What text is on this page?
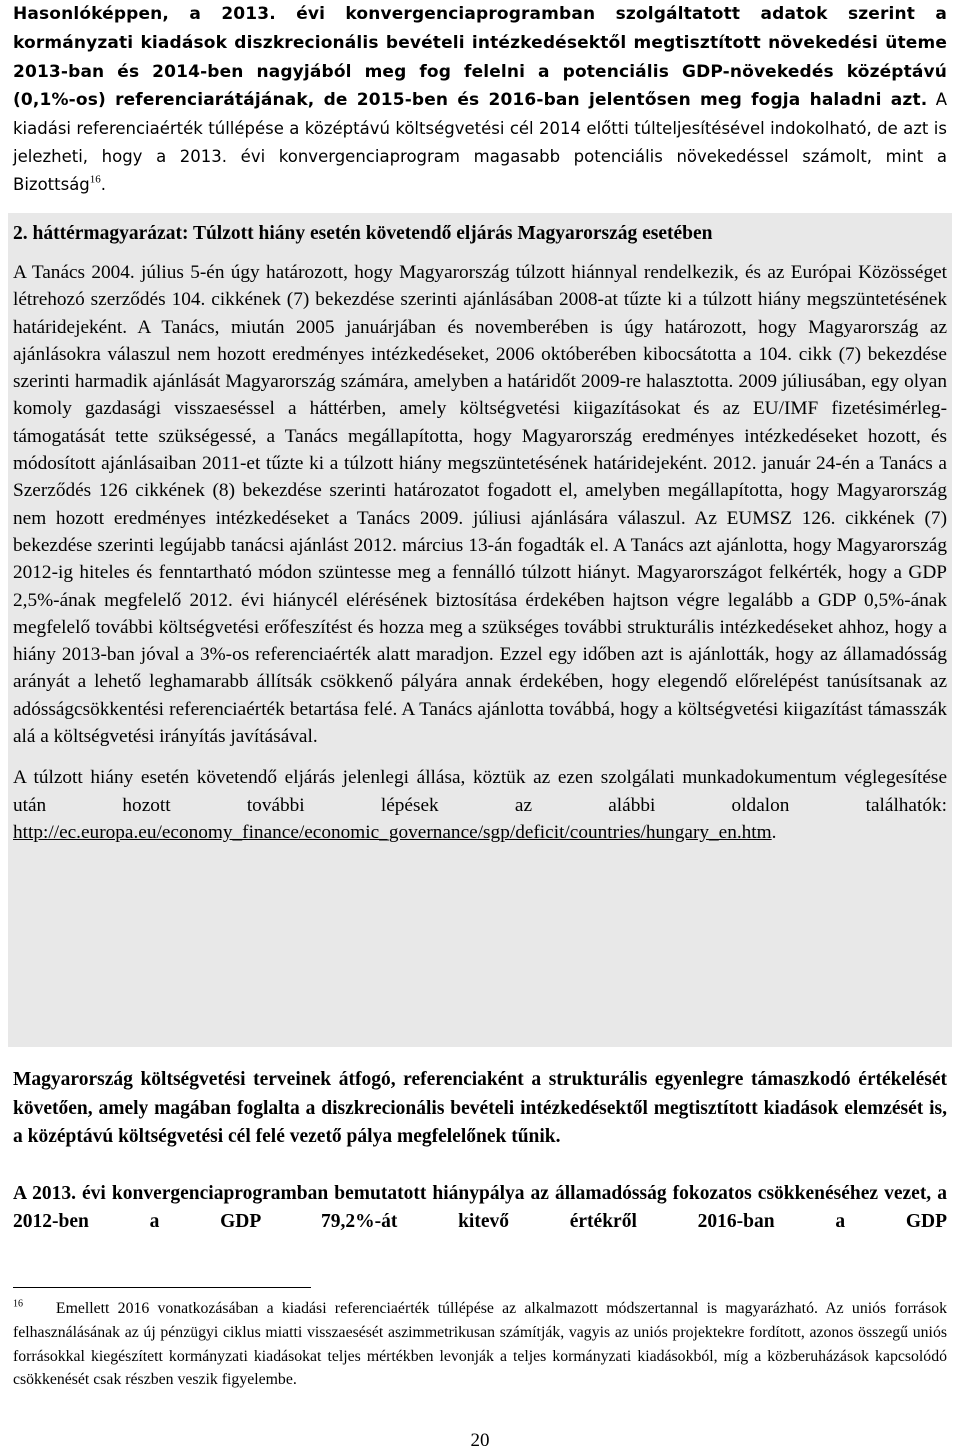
Hasonlóképpen, a 2013. évi konvergenciaprogramban szolgáltatott adatok szerint a kormányzati kiadások diszkrecionális bevételi intézkedésektől megtisztított növekedési üteme 2013-ban és 2014-ben nagyjából meg fog felelni a potenciális GDP-növekedés középtávú (0,1%-os) referenciarátájának, de 2015-ben és 2016-ban jelentősen meg fogja haladni azt. A kiadási referenciaérték túllépése a középtávú költségvetési cél 2014 előtti túlteljesítésével indokolható, de azt is jelezheti, hogy a 2013. évi konvergenciaprogram magasabb potenciális növekedéssel számolt, mint a Bizottság$^{16}$.

2. háttérmagyarázat: Túlzott hiány esetén követendő eljárás Magyarország esetében

A Tanács 2004. július 5-én úgy határozott, hogy Magyarország túlzott hiánnyal rendelkezik, és az Európai Közösséget létrehozó szerződés 104. cikkének (7) bekezdése szerinti ajánlásában 2008-at tűzte ki a túlzott hiány megszüntetésének határidejeként. A Tanács, miután 2005 januárjában és novemberében is úgy határozott, hogy Magyarország az ajánlásokra válaszul nem hozott eredményes intézkedéseket, 2006 októberében kibocsátotta a 104. cikk (7) bekezdése szerinti harmadik ajánlását Magyarország számára, amelyben a határidőt 2009-re halasztotta. 2009 júliusában, egy olyan komoly gazdasági visszaeséssel a háttérben, amely költségvetési kiigazításokat és az EU/IMF fizetésimérleg-támogatását tette szükségessé, a Tanács megállapította, hogy Magyarország eredményes intézkedéseket hozott, és módosított ajánlásaiban 2011-et tűzte ki a túlzott hiány megszüntetésének határidejeként. 2012. január 24-én a Tanács a Szerződés 126 cikkének (8) bekezdése szerinti határozatot fogadott el, amelyben megállapította, hogy Magyarország nem hozott eredményes intézkedéseket a Tanács 2009. júliusi ajánlására válaszul. Az EUMSZ 126. cikkének (7) bekezdése szerinti legújabb tanácsi ajánlást 2012. március 13-án fogadták el. A Tanács azt ajánlotta, hogy Magyarország 2012-ig hiteles és fenntartható módon szüntesse meg a fennálló túlzott hiányt. Magyarországot felkérték, hogy a GDP 2,5%-ának megfelelő 2012. évi hiánycél elérésének biztosítása érdekében hajtson végre legalább a GDP 0,5%-ának megfelelő további költségvetési erőfeszítést és hozza meg a szükséges további strukturális intézkedéseket ahhoz, hogy a hiány 2013-ban jóval a 3%-os referenciaérték alatt maradjon. Ezzel egy időben azt is ajánlották, hogy az államadósság arányát a lehető leghamarabb állítsák csökkenő pályára annak érdekében, hogy elegendő előrelépést tanúsítsanak az adósságcsökkentési referenciaérték betartása felé. A Tanács ajánlotta továbbá, hogy a költségvetési kiigazítást támasszák alá a költségvetési irányítás javításával.

A túlzott hiány esetén követendő eljárás jelenlegi állása, köztük az ezen szolgálati munkadokumentum véglegesítése után hozott további lépések az alábbi oldalon találhatók:

http://ec.europa.eu/economy_finance/economic_governance/sgp/deficit/countries/hungary_en.htm.

Magyarország költségvetési terveinek átfogó, referenciaként a strukturális egyenlegre támaszkodó értékelését követően, amely magában foglalta a diszkrecionális bevételi intézkedésektől megtisztított kiadások elemzését is, a középtávú költségvetési cél felé vezető pálya megfelelőnek tűnik.

A 2013. évi konvergenciaprogramban bemutatott hiánypálya az államadósság fokozatos csökkenéséhez vezet, a 2012-ben a GDP 79,2%-át kitevő értékről 2016-ban a GDP

$^{16}$ Emellett 2016 vonatkozásában a kiadási referenciaérték túllépése az alkalmazott módszertannal is magyarázható. Az uniós források felhasználásának az új pénzügyi ciklus miatti visszaesését aszimmetrikusan számítják, vagyis az uniós projektekre fordított, azonos összegű uniós forrásokkal kiegészített kormányzati kiadásokat teljes mértékben levonják a teljes kormányzati kiadásokból, míg a közberuházások kapcsolódó csökkenését csak részben veszik figyelembe.
20
